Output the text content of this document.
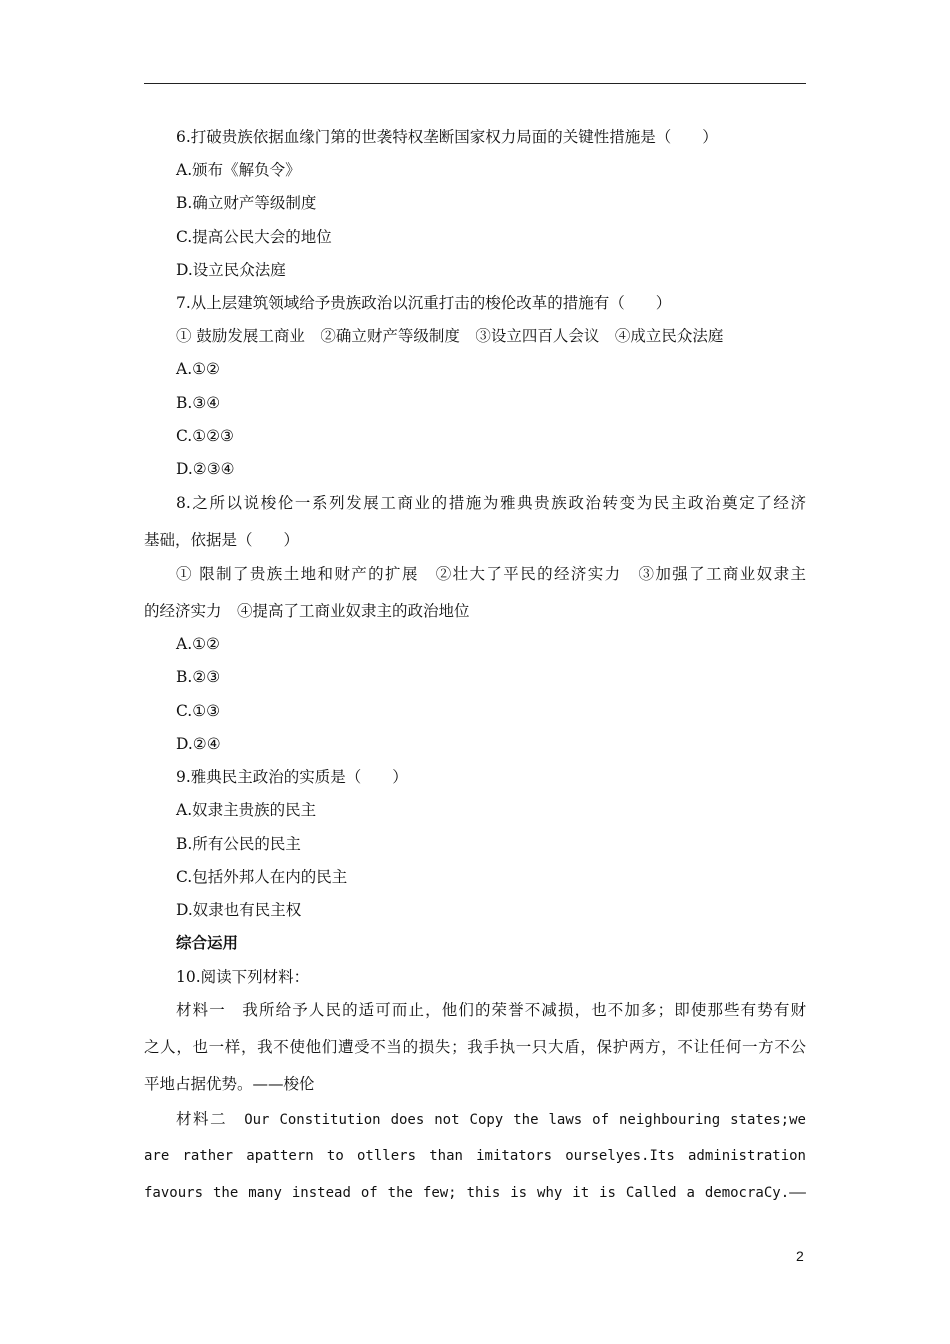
6.打破贵族依据血缘门第的世袭特权垄断国家权力局面的关键性措施是（　　）
A.颁布《解负令》
B.确立财产等级制度
C.提高公民大会的地位
D.设立民众法庭
7.从上层建筑领域给予贵族政治以沉重打击的梭伦改革的措施有（　　）
① 鼓励发展工商业　②确立财产等级制度　③设立四百人会议　④成立民众法庭
A.①②
B.③④
C.①②③
D.②③④
8.之所以说梭伦一系列发展工商业的措施为雅典贵族政治转变为民主政治奠定了经济
基础，依据是（　　）
① 限制了贵族土地和财产的扩展　②壮大了平民的经济实力　③加强了工商业奴隶主
的经济实力　④提高了工商业奴隶主的政治地位
A.①②
B.②③
C.①③
D.②④
9.雅典民主政治的实质是（　　）
A.奴隶主贵族的民主
B.所有公民的民主
C.包括外邦人在内的民主
D.奴隶也有民主权
综合运用
10.阅读下列材料：
材料一　我所给予人民的适可而止，他们的荣誉不减损，也不加多；即使那些有势有财
之人，也一样，我不使他们遭受不当的损失；我手执一只大盾，保护两方，不让任何一方不公
平地占据优势。——梭伦
材料二　 Our Constitution does not Copy the laws of neighbouring states;we
are rather apattern to otllers than imitators ourselyes.Its administration
favours the many instead of the few; this is why it is Called a democraCy.——
2
